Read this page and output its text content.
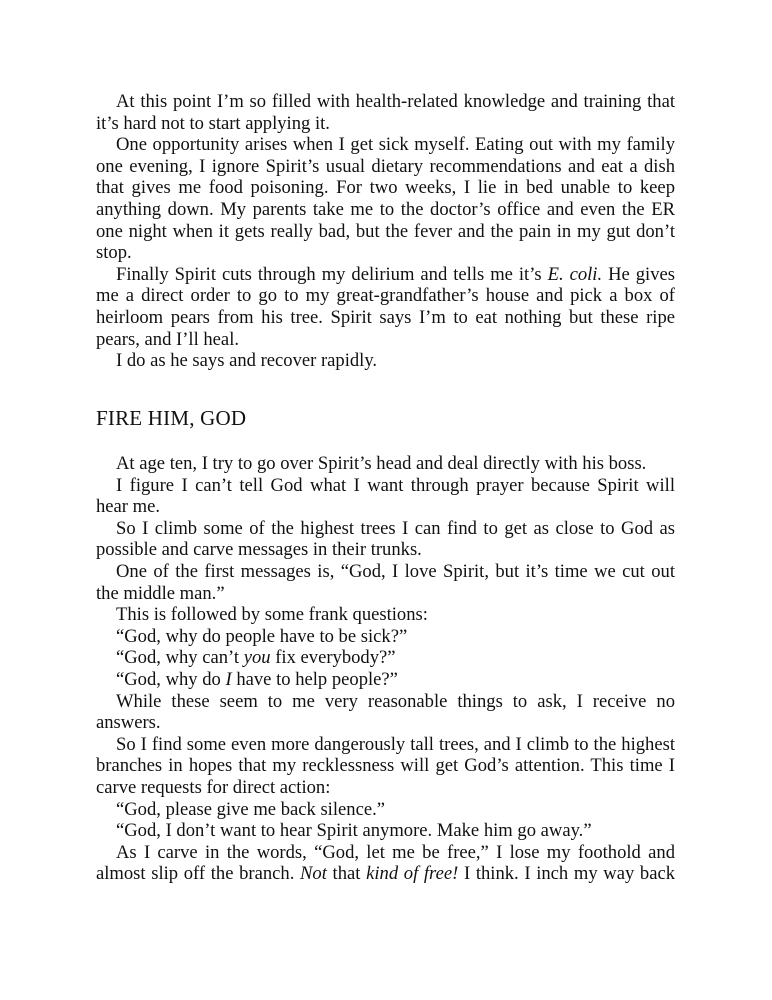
At this point I’m so filled with health-related knowledge and training that it’s hard not to start applying it.

One opportunity arises when I get sick myself. Eating out with my family one evening, I ignore Spirit’s usual dietary recommendations and eat a dish that gives me food poisoning. For two weeks, I lie in bed unable to keep anything down. My parents take me to the doctor’s office and even the ER one night when it gets really bad, but the fever and the pain in my gut don’t stop.

Finally Spirit cuts through my delirium and tells me it’s E. coli. He gives me a direct order to go to my great-grandfather’s house and pick a box of heirloom pears from his tree. Spirit says I’m to eat nothing but these ripe pears, and I’ll heal.

I do as he says and recover rapidly.

FIRE HIM, GOD

At age ten, I try to go over Spirit’s head and deal directly with his boss.

I figure I can’t tell God what I want through prayer because Spirit will hear me.

So I climb some of the highest trees I can find to get as close to God as possible and carve messages in their trunks.

One of the first messages is, “God, I love Spirit, but it’s time we cut out the middle man.”

This is followed by some frank questions:

“God, why do people have to be sick?”

“God, why can’t you fix everybody?”

“God, why do I have to help people?”

While these seem to me very reasonable things to ask, I receive no answers.

So I find some even more dangerously tall trees, and I climb to the highest branches in hopes that my recklessness will get God’s attention. This time I carve requests for direct action:

“God, please give me back silence.”

“God, I don’t want to hear Spirit anymore. Make him go away.”

As I carve in the words, “God, let me be free,” I lose my foothold and almost slip off the branch. Not that kind of free! I think. I inch my way back
